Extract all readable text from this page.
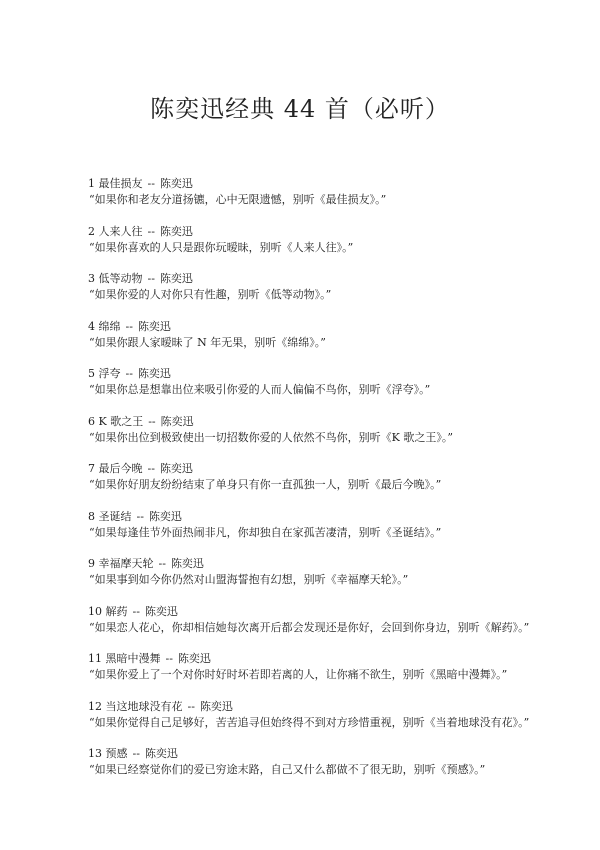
陈奕迅经典 44 首（必听）
1 最佳损友 -- 陈奕迅
“如果你和老友分道扬镳，心中无限遗憾，别听《最佳损友》。”
2 人来人往 -- 陈奕迅
“如果你喜欢的人只是跟你玩暧昧，别听《人来人往》。”
3 低等动物 -- 陈奕迅
“如果你爱的人对你只有性趣，别听《低等动物》。”
4 绵绵 -- 陈奕迅
“如果你跟人家暧昧了 N 年无果，别听《绵绵》。”
5 浮夸 -- 陈奕迅
“如果你总是想靠出位来吸引你爱的人而人偏偏不鸟你，别听《浮夸》。”
6 K 歌之王 -- 陈奕迅
“如果你出位到极致使出一切招数你爱的人依然不鸟你，别听《K 歌之王》。”
7 最后今晚 -- 陈奕迅
“如果你好朋友纷纷结束了单身只有你一直孤独一人，别听《最后今晚》。”
8 圣诞结 -- 陈奕迅
“如果每逢佳节外面热闹非凡，你却独自在家孤苦凄清，别听《圣诞结》。”
9 幸福摩天轮 -- 陈奕迅
“如果事到如今你仍然对山盟海誓抱有幻想，别听《幸福摩天轮》。”
10 解药 -- 陈奕迅
“如果恋人花心，你却相信她每次离开后都会发现还是你好，会回到你身边，别听《解药》。”
11 黑暗中漫舞 -- 陈奕迅
“如果你爱上了一个对你时好时坏若即若离的人，让你痛不欲生，别听《黑暗中漫舞》。”
12 当这地球没有花 -- 陈奕迅
“如果你觉得自己足够好，苦苦追寻但始终得不到对方珍惜重视，别听《当着地球没有花》。”
13 预感 -- 陈奕迅
“如果已经察觉你们的爱已穷途末路，自己又什么都做不了很无助，别听《预感》。”
